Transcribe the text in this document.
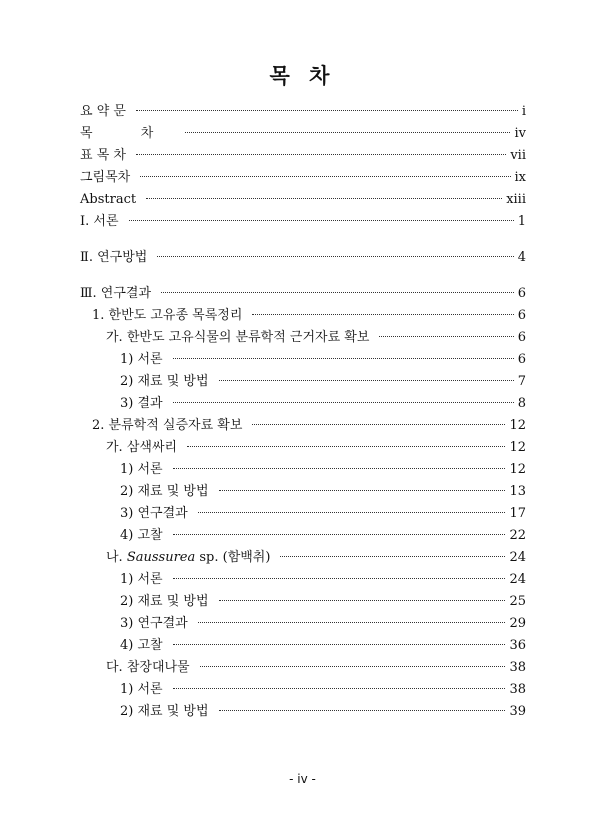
목 차
요 약 문	i
목 차	iv
표 목 차	vii
그림목차	ix
Abstract	xiii
Ⅰ. 서론	1
Ⅱ. 연구방법	4
Ⅲ. 연구결과	6
1. 한반도 고유종 목록정리	6
가. 한반도 고유식물의 분류학적 근거자료 확보	6
1) 서론	6
2) 재료 및 방법	7
3) 결과	8
2. 분류학적 실증자료 확보	12
가. 삼색싸리	12
1) 서론	12
2) 재료 및 방법	13
3) 연구결과	17
4) 고찰	22
나. Saussurea sp. (함백취)	24
1) 서론	24
2) 재료 및 방법	25
3) 연구결과	29
4) 고찰	36
다. 참장대나물	38
1) 서론	38
2) 재료 및 방법	39
- iv -
